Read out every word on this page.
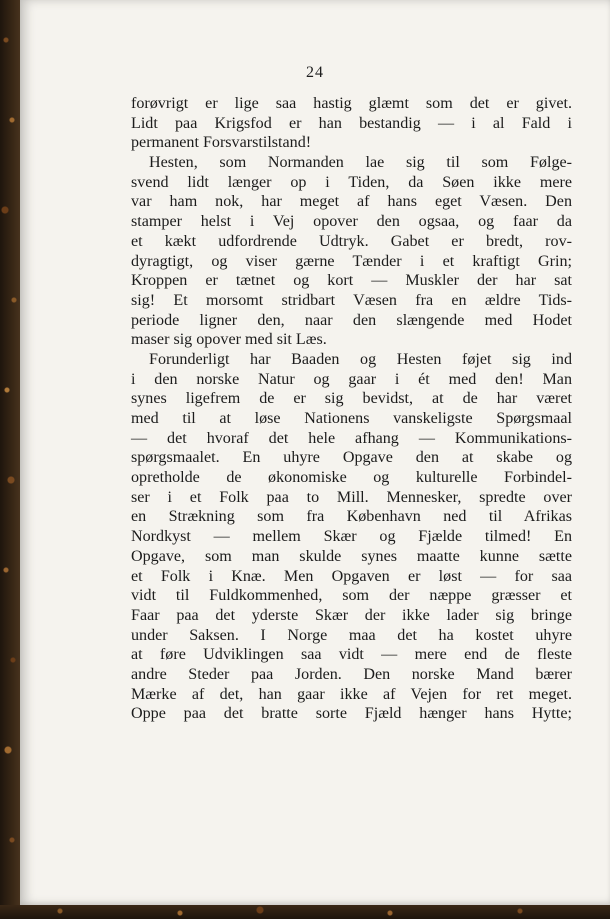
24
forøvrigt er lige saa hastig glæmt som det er givet.
Lidt paa Krigsfod er han bestandig — i al Fald i
permanent Forsvarstilstand!
Hesten, som Normanden lae sig til som Følge-
svend lidt længer op i Tiden, da Søen ikke mere
var ham nok, har meget af hans eget Væsen. Den
stamper helst i Vej opover den ogsaa, og faar da
et kækt udfordrende Udtryk. Gabet er bredt, rov-
dyragtigt, og viser gærne Tænder i et kraftigt Grin;
Kroppen er tætnet og kort — Muskler der har sat
sig! Et morsomt stridbart Væsen fra en ældre Tids-
periode ligner den, naar den slængende med Hodet
maser sig opover med sit Læs.
Forunderligt har Baaden og Hesten føjet sig ind
i den norske Natur og gaar i ét med den! Man
synes ligefrem de er sig bevidst, at de har været
med til at løse Nationens vanskeligste Spørgsmaal
— det hvoraf det hele afhang — Kommunikations-
spørgsmaalet. En uhyre Opgave den at skabe og
opretholde de økonomiske og kulturelle Forbindel-
ser i et Folk paa to Mill. Mennesker, spredte over
en Strækning som fra København ned til Afrikas
Nordkyst — mellem Skær og Fjælde tilmed! En
Opgave, som man skulde synes maatte kunne sætte
et Folk i Knæ. Men Opgaven er løst — for saa
vidt til Fuldkommenhed, som der næppe græsser et
Faar paa det yderste Skær der ikke lader sig bringe
under Saksen. I Norge maa det ha kostet uhyre
at føre Udviklingen saa vidt — mere end de fleste
andre Steder paa Jorden. Den norske Mand bærer
Mærke af det, han gaar ikke af Vejen for ret meget.
Oppe paa det bratte sorte Fjæld hænger hans Hytte;
